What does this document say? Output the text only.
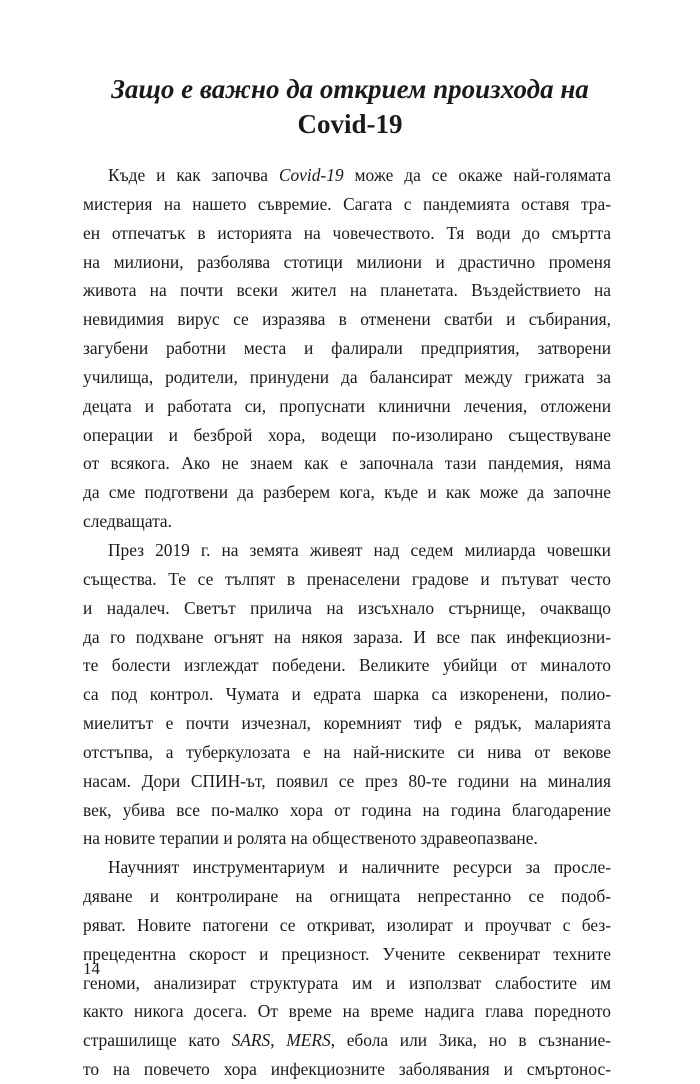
Защо е важно да открием произхода на
Covid-19
Къде и как започва Covid-19 може да се окаже най-голямата
мистерия на нашето съвремие. Сагата с пандемията оставя тра-
ен отпечатък в историята на човечеството. Тя води до смъртта
на милиони, разболява стотици милиони и драстично променя
живота на почти всеки жител на планетата. Въздействието на
невидимия вирус се изразява в отменени сватби и събирания,
загубени работни места и фалирали предприятия, затворени
училища, родители, принудени да балансират между грижата за
децата и работата си, пропуснати клинични лечения, отложени
операции и безброй хора, водещи по-изолирано съществуване
от всякога. Ако не знаем как е започнала тази пандемия, няма
да сме подготвени да разберем кога, къде и как може да започне
следващата.
През 2019 г. на земята живеят над седем милиарда човешки
същества. Те се тълпят в пренаселени градове и пътуват често
и надалеч. Светът прилича на изсъхнало стърнище, очакващо
да го подхване огънят на някоя зараза. И все пак инфекциозни-
те болести изглеждат победени. Великите убийци от миналото
са под контрол. Чумата и едрата шарка са изкоренени, полио-
миелитът е почти изчезнал, коремният тиф е рядък, маларията
отстъпва, а туберкулозата е на най-ниските си нива от векове
насам. Дори СПИН-ът, появил се през 80-те години на миналия
век, убива все по-малко хора от година на година благодарение
на новите терапии и ролята на общественото здравеопазване.
Научният инструментариум и наличните ресурси за просле-
дяване и контролиране на огнищата непрестанно се подоб-
ряват. Новите патогени се откриват, изолират и проучват с без-
прецедентна скорост и прецизност. Учените секвенират техните
геноми, анализират структурата им и използват слабостите им
както никога досега. От време на време надига глава поредното
страшилище като SARS, MERS, ебола или Зика, но в съзнание-
то на повечето хора инфекциозните заболявания и смъртонос-
14
